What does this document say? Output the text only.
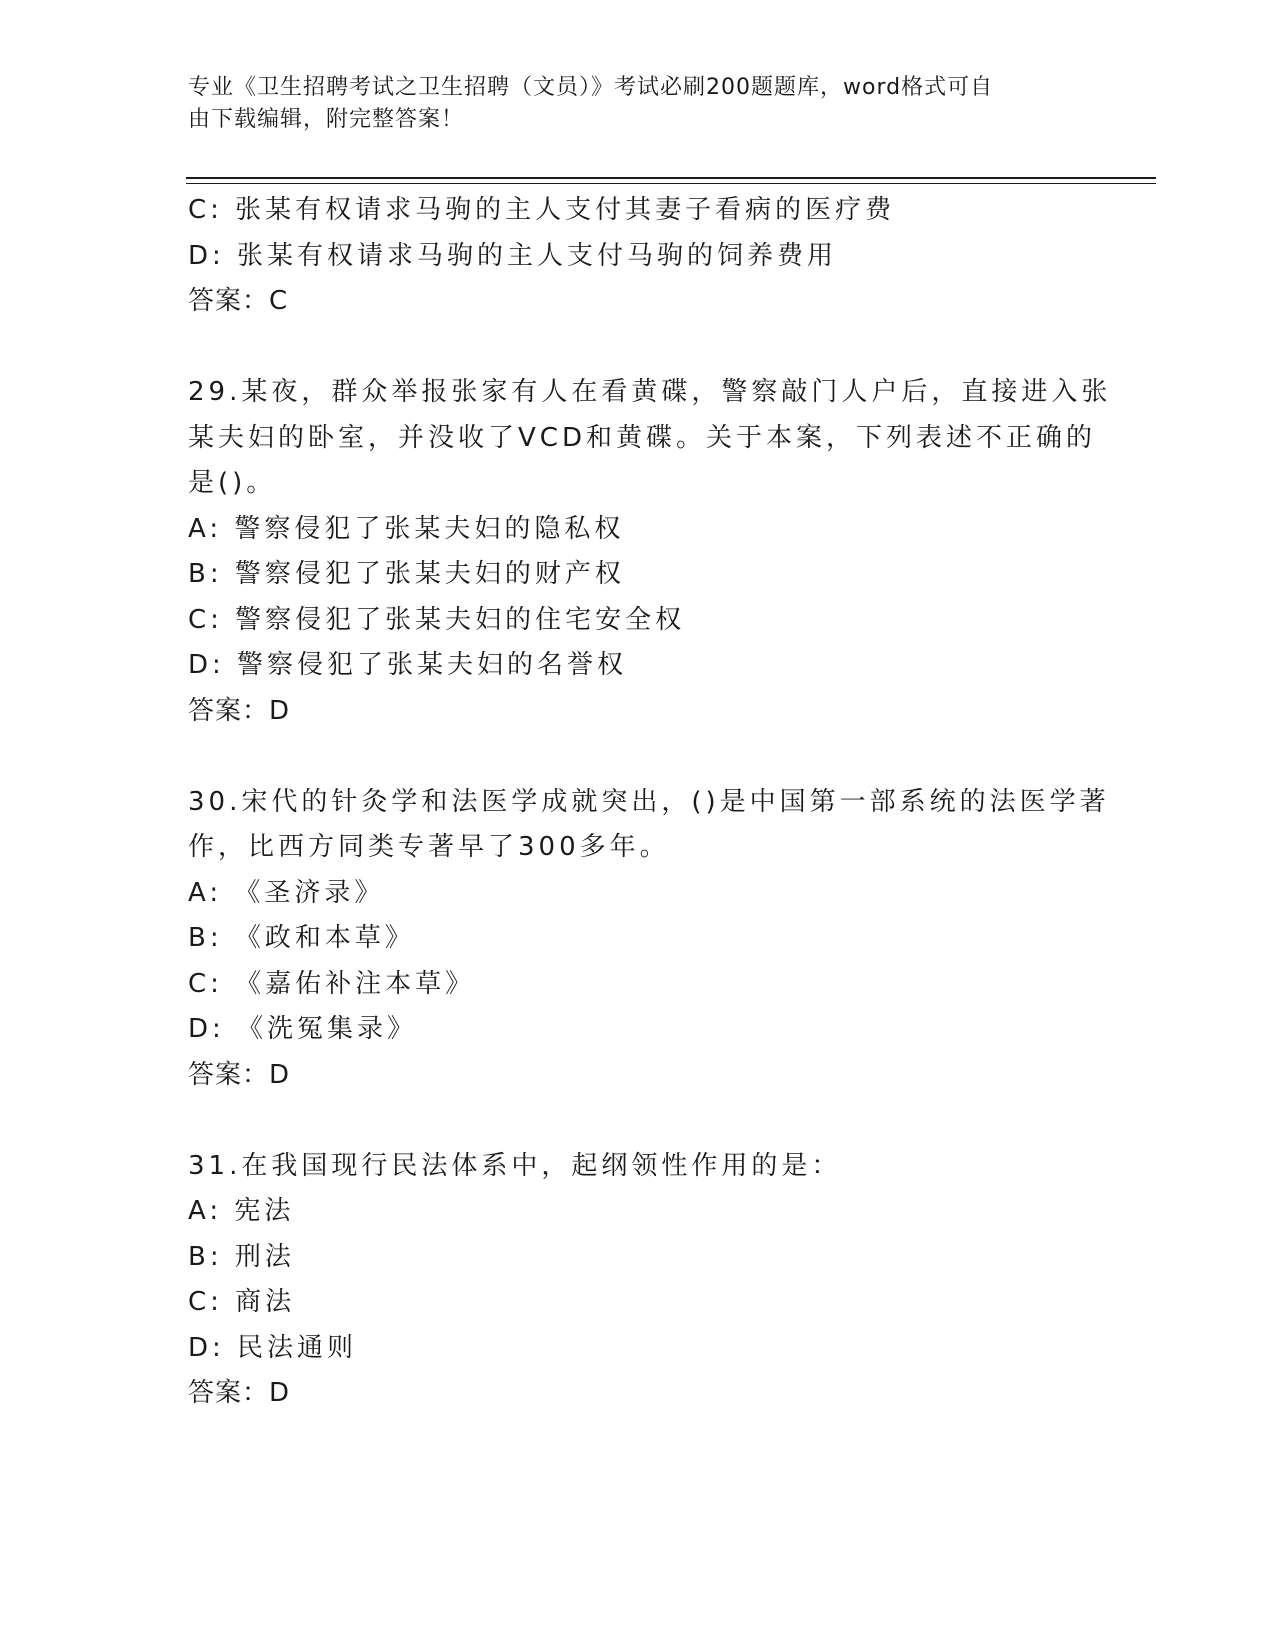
专业《卫生招聘考试之卫生招聘（文员）》考试必刷200题题库，word格式可自
由下载编辑，附完整答案！
C: 张某有权请求马驹的主人支付其妻子看病的医疗费
D: 张某有权请求马驹的主人支付马驹的饲养费用
答案：C
29.某夜，群众举报张家有人在看黄碟，警察敲门人户后，直接进入张
某夫妇的卧室，并没收了VCD和黄碟。关于本案，下列表述不正确的
是()。
A: 警察侵犯了张某夫妇的隐私权
B: 警察侵犯了张某夫妇的财产权
C: 警察侵犯了张某夫妇的住宅安全权
D: 警察侵犯了张某夫妇的名誉权
答案：D
30.宋代的针灸学和法医学成就突出，()是中国第一部系统的法医学著
作，比西方同类专著早了300多年。
A: 《圣济录》
B: 《政和本草》
C: 《嘉佑补注本草》
D: 《洗冤集录》
答案：D
31.在我国现行民法体系中，起纲领性作用的是：
A: 宪法
B: 刑法
C: 商法
D: 民法通则
答案：D
